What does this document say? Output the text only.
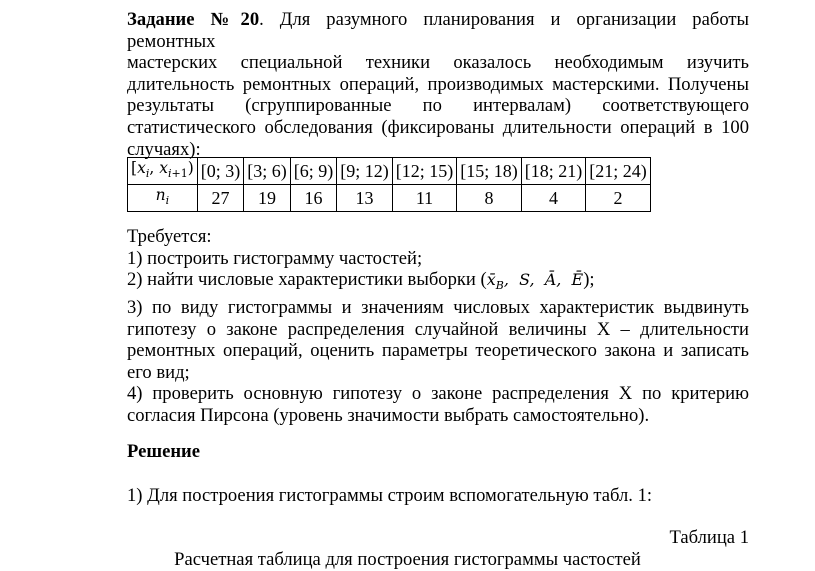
Задание №20. Для разумного планирования и организации работы ремонтных
мастерских специальной техники оказалось необходимым изучить
длительность ремонтных операций, производимых мастерскими. Получены
результаты (сгруппированные по интервалам) соответствующего
статистического обследования (фиксированы длительности операций в 100
случаях):

[$x_i$, $x_{i+1}$)	[0; 3)	[3; 6)	[6; 9)	[9; 12)	[12; 15)	[15; 18)	[18; 21)	[21; 24)
$n_i$	27	19	16	13	11	8	4	2
Требуется:
1) построить гистограмму частостей;
2) найти числовые характеристики выборки ($x̄_B$,  S,  Ā,  Ē);
3) по виду гистограммы и значениям числовых характеристик выдвинуть
гипотезу о законе распределения случайной величины X – длительности
ремонтных операций, оценить параметры теоретического закона и записать
его вид;
4) проверить основную гипотезу о законе распределения X по критерию
согласия Пирсона (уровень значимости выбрать самостоятельно).
Решение
1) Для построения гистограммы строим вспомогательную табл. 1:
Таблица 1
Расчетная таблица для построения гистограммы частостей
